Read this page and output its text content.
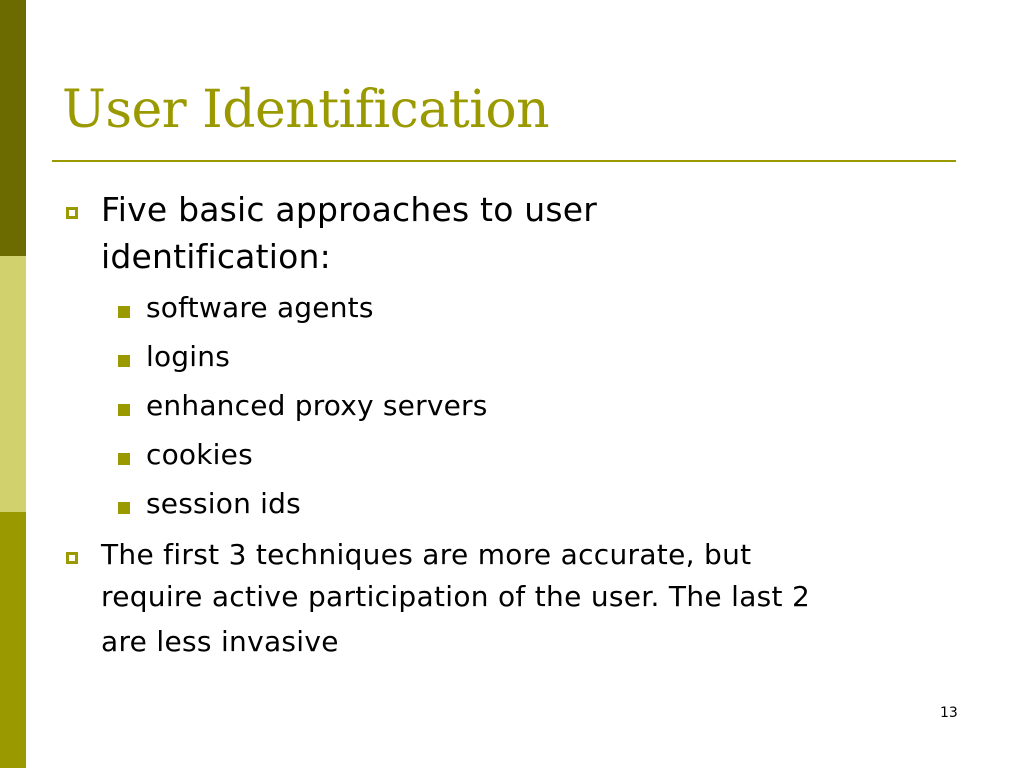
User Identification
Five basic approaches to user
identification:
software agents
logins
enhanced proxy servers
cookies
session ids
The first 3 techniques are more accurate, but
require active participation of the user. The last 2
are less invasive
13
